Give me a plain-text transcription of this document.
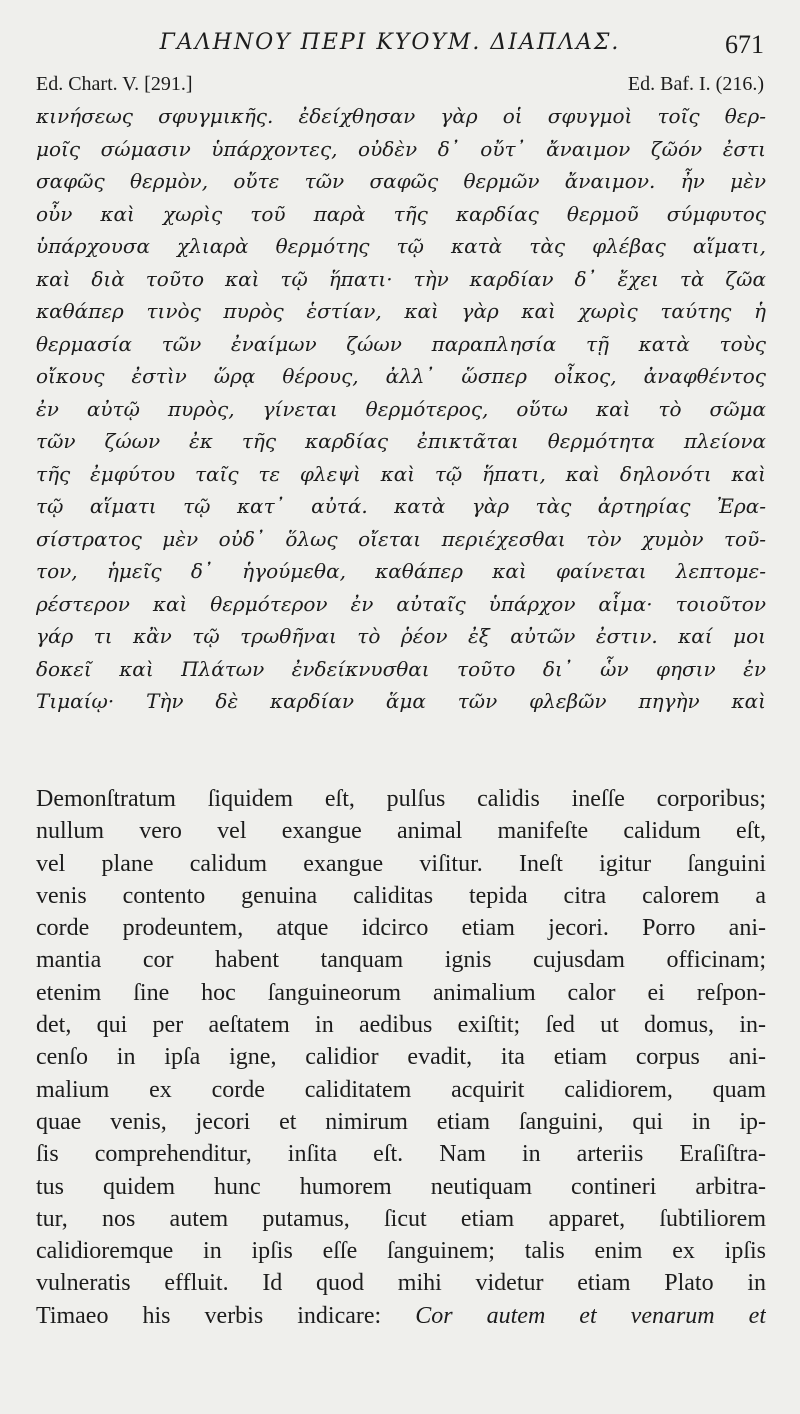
ΓΑΛΗΝΟΥ ΠΕΡΙ ΚΥΟΥΜ. ΔΙΑΠΛΑΣ.	671
Ed. Chart. V. [291.]	Ed. Baf. I. (216.)
κινήσεως σφυγμικῆς. ἐδείχθησαν γὰρ οἱ σφυγμοὶ τοῖς θερ-
μοῖς σώμασιν ὑπάρχοντες, οὐδὲν δ᾽ οὔτ᾽ ἄναιμον ζῶόν ἐστι
σαφῶς θερμὸν, οὔτε τῶν σαφῶς θερμῶν ἄναιμον. ἦν μὲν
οὖν καὶ χωρὶς τοῦ παρὰ τῆς καρδίας θερμοῦ σύμφυτος
ὑπάρχουσα χλιαρὰ θερμότης τῷ κατὰ τὰς φλέβας αἵματι,
καὶ διὰ τοῦτο καὶ τῷ ἥπατι· τὴν καρδίαν δ᾽ ἔχει τὰ ζῶα
καθάπερ τινὸς πυρὸς ἑστίαν, καὶ γὰρ καὶ χωρὶς ταύτης ἡ
θερμασία τῶν ἐναίμων ζώων παραπλησία τῇ κατὰ τοὺς
οἴκους ἐστὶν ὥρᾳ θέρους, ἀλλ᾽ ὥσπερ οἶκος, ἀναφθέντος
ἐν αὐτῷ πυρὸς, γίνεται θερμότερος, οὕτω καὶ τὸ σῶμα
τῶν ζώων ἐκ τῆς καρδίας ἐπικτᾶται θερμότητα πλείονα
τῆς ἐμφύτου ταῖς τε φλεψὶ καὶ τῷ ἥπατι, καὶ δηλονότι καὶ
τῷ αἵματι τῷ κατ᾽ αὐτά. κατὰ γὰρ τὰς ἀρτηρίας Ἐρα-
σίστρατος μὲν οὐδ᾽ ὅλως οἴεται περιέχεσθαι τὸν χυμὸν τοῦ-
τον, ἡμεῖς δ᾽ ἡγούμεθα, καθάπερ καὶ φαίνεται λεπτομε-
ρέστερον καὶ θερμότερον ἐν αὐταῖς ὑπάρχον αἷμα· τοιοῦτον
γάρ τι κἂν τῷ τρωθῆναι τὸ ῥέον ἐξ αὐτῶν ἐστιν. καί μοι
δοκεῖ καὶ Πλάτων ἐνδείκνυσθαι τοῦτο δι᾽ ὧν φησιν ἐν
Τιμαίῳ· Τὴν δὲ καρδίαν ἅμα τῶν φλεβῶν πηγὴν καὶ
Demonſtratum ſiquidem eſt, pulſus calidis ineſſe corporibus;
nullum vero vel exangue animal manifeſte calidum eſt,
vel plane calidum exangue viſitur. Ineſt igitur ſanguini
venis contento genuina caliditas tepida citra calorem a
corde prodeuntem, atque idcirco etiam jecori. Porro ani-
mantia cor habent tanquam ignis cujusdam officinam;
etenim ſine hoc ſanguineorum animalium calor ei reſpon-
det, qui per aeſtatem in aedibus exiſtit; ſed ut domus, in-
cenſo in ipſa igne, calidior evadit, ita etiam corpus ani-
malium ex corde caliditatem acquirit calidiorem, quam
quae venis, jecori et nimirum etiam ſanguini, qui in ip-
ſis comprehenditur, inſita eſt. Nam in arteriis Eraſiſtra-
tus quidem hunc humorem neutiquam contineri arbitra-
tur, nos autem putamus, ſicut etiam apparet, ſubtiliorem
calidioremque in ipſis eſſe ſanguinem; talis enim ex ipſis
vulneratis effluit. Id quod mihi videtur etiam Plato in
Timaeo his verbis indicare: Cor autem et venarum et
